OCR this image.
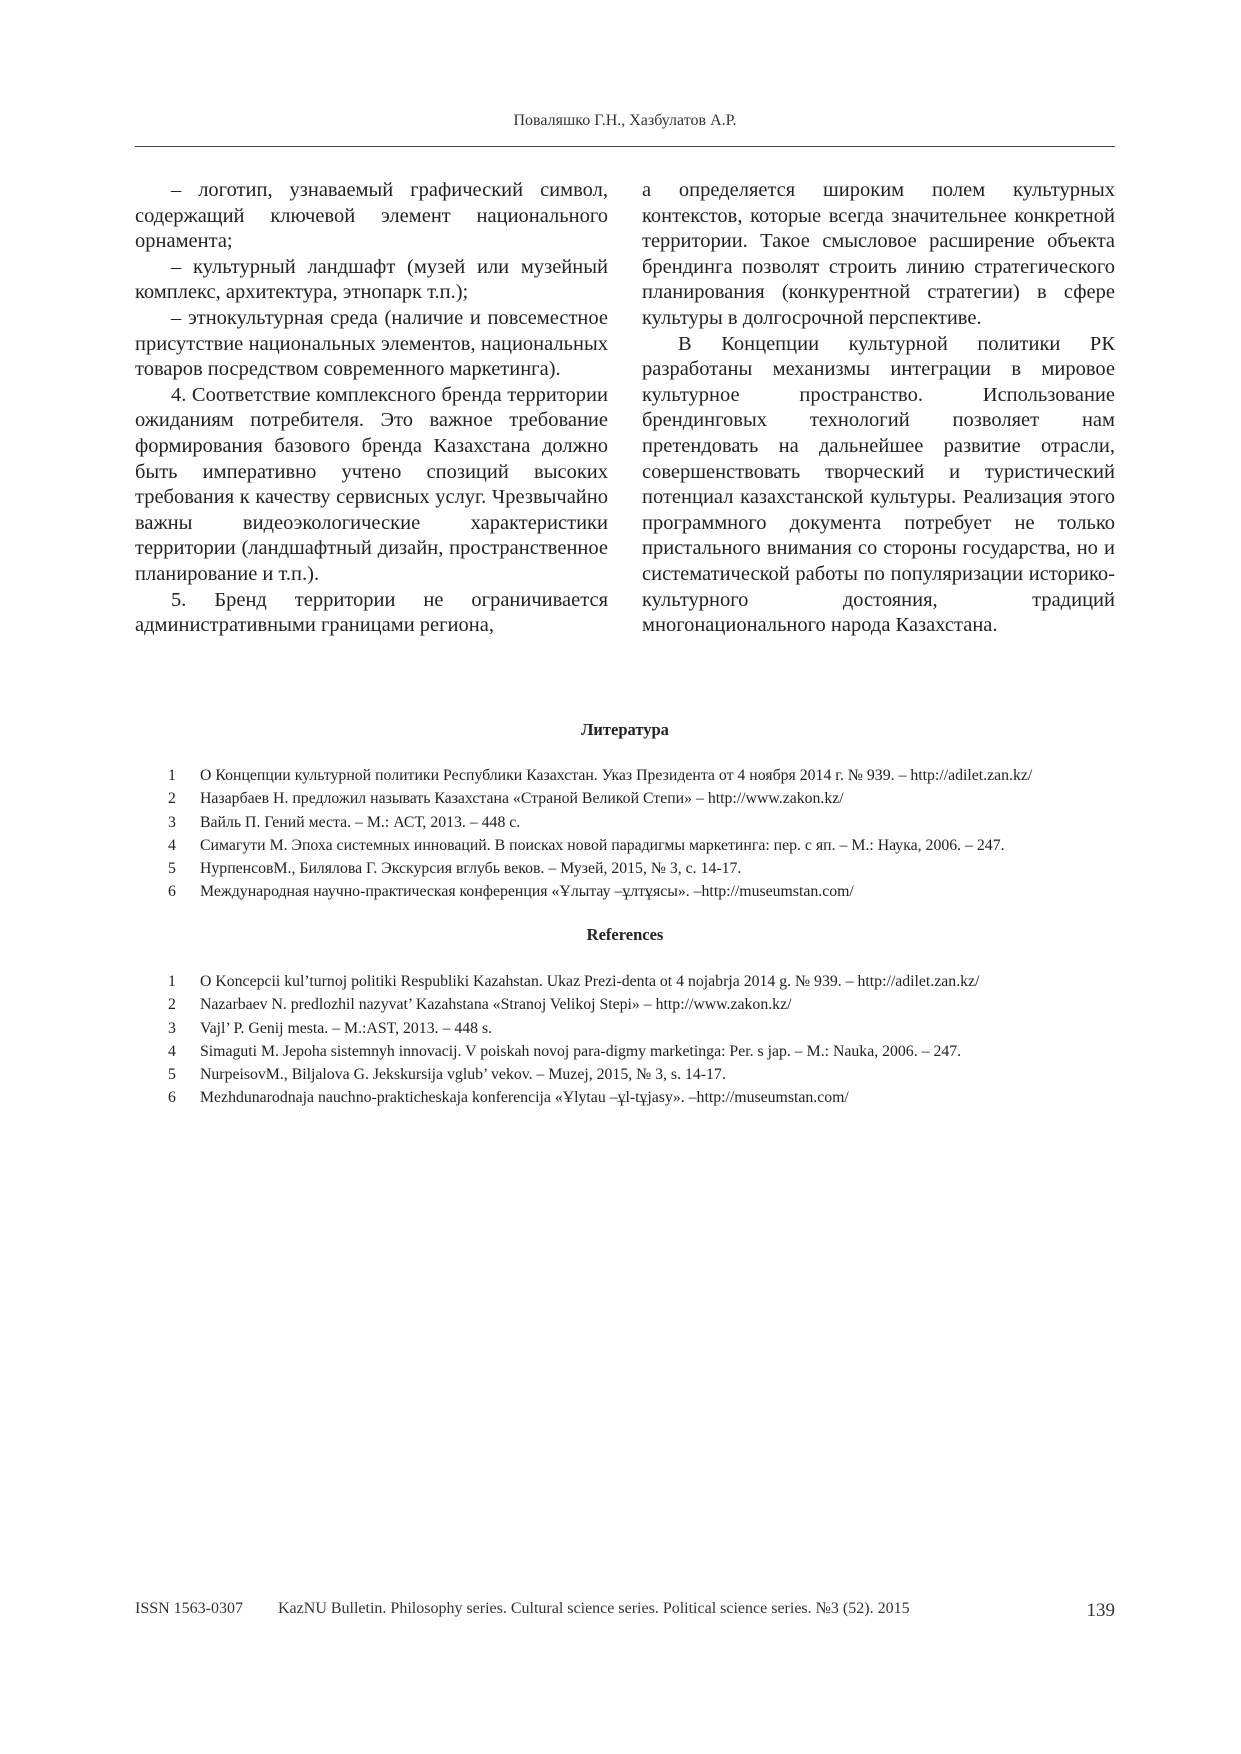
Поваляшко Г.Н., Хазбулатов А.Р.

– логотип, узнаваемый графический символ, содержащий ключевой элемент национального орнамента;

– культурный ландшафт (музей или музейный комплекс, архитектура, этнопарк т.п.);

– этнокультурная среда (наличие и повсеместное присутствие национальных элементов, национальных товаров посредством современного маркетинга).

4. Соответствие комплексного бренда территории ожиданиям потребителя. Это важное требование формирования базового бренда Казахстана должно быть императивно учтено спозиций высоких требования к качеству сервисных услуг. Чрезвычайно важны видеоэкологические характеристики территории (ландшафтный дизайн, пространственное планирование и т.п.).

5. Бренд территории не ограничивается административными границами региона,

а определяется широким полем культурных контекстов, которые всегда значительнее конкретной территории. Такое смысловое расширение объекта брендинга позволят строить линию стратегического планирования (конкурентной стратегии) в сфере культуры в долгосрочной перспективе.

В Концепции культурной политики РК разработаны механизмы интеграции в мировое культурное пространство. Использование брендинговых технологий позволяет нам претендовать на дальнейшее развитие отрасли, совершенствовать творческий и туристический потенциал казахстанской культуры. Реализация этого программного документа потребует не только пристального внимания со стороны государства, но и систематической работы по популяризации историко-культурного достояния, традиций многонационального народа Казахстана.

Литература
1	О Концепции культурной политики Республики Казахстан. Указ Президента от 4 ноября 2014 г. № 939. – http://adilet.zan.kz/
2	Назарбаев Н. предложил называть Казахстана «Страной Великой Степи» – http://www.zakon.kz/
3	Вайль П. Гений места. – М.: АСТ, 2013. – 448 с.
4	Симагути М. Эпоха системных инноваций. В поисках новой парадигмы маркетинга: пер. с яп. – М.: Наука, 2006. – 247.
5	НурпенсовМ., Билялова Г. Экскурсия вглубь веков. – Музей, 2015, № 3, с. 14-17.
6	Международная научно-практическая конференция «Ұлытау –ұлтұясы». –http://museumstan.com/
References
1	O Koncepcii kul’turnoj politiki Respubliki Kazahstan. Ukaz Prezi-denta ot 4 nojabrja 2014 g. № 939. – http://adilet.zan.kz/
2	Nazarbaev N. predlozhil nazyvat’ Kazahstana «Stranoj Velikoj Stepi» – http://www.zakon.kz/
3	Vajl’ P. Genij mesta. – M.:AST, 2013. – 448 s.
4	Simaguti M. Jepoha sistemnyh innovacij. V poiskah novoj para-digmy marketinga: Per. s jap. – M.: Nauka, 2006. – 247.
5	NurpeisovM., Biljalova G. Jekskursija vglub’ vekov. – Muzej, 2015, № 3, s. 14-17.
6	Mezhdunarodnaja nauchno-prakticheskaja konferencija «Ұlytau –ұl-tұjasy». –http://museumstan.com/
ISSN 1563-0307 KazNU Bulletin. Philosophy series. Cultural science series. Political science series. №3 (52). 2015	139
